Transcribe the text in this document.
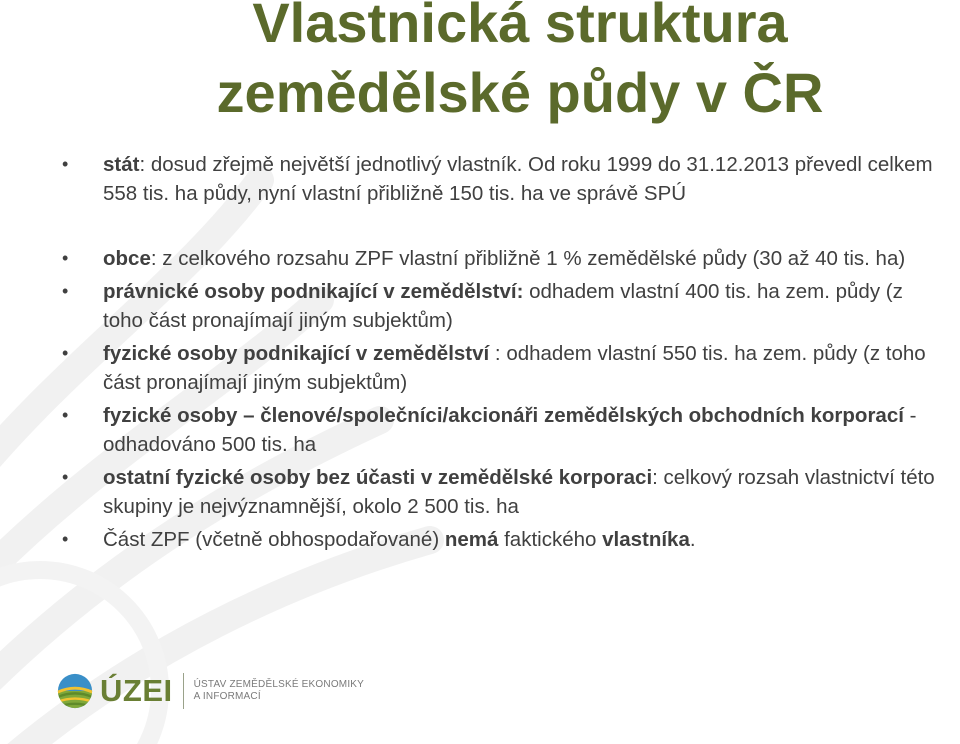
Vlastnická struktura
zemědělské půdy v ČR
• stát: dosud zřejmě největší jednotlivý vlastník. Od roku 1999 do 31.12.2013 převedl celkem 558 tis. ha půdy, nyní vlastní přibližně 150 tis. ha ve správě SPÚ
• obce: z celkového rozsahu ZPF vlastní přibližně 1 % zemědělské půdy (30 až 40 tis. ha)
• právnické osoby podnikající v zemědělství: odhadem vlastní 400 tis. ha zem. půdy (z toho část pronajímají jiným subjektům)
• fyzické osoby podnikající v zemědělství : odhadem vlastní 550 tis. ha zem. půdy (z toho část pronajímají jiným subjektům)
• fyzické osoby – členové/společníci/akcionáři zemědělských obchodních korporací - odhadováno 500 tis. ha
• ostatní fyzické osoby bez účasti v zemědělské korporaci: celkový rozsah vlastnictví této skupiny je nejvýznamnější, okolo 2 500 tis. ha
• Část ZPF (včetně obhospodařované) nemá faktického vlastníka.
ÚZEI ÚSTAV ZEMĚDĚLSKÉ EKONOMIKY
A INFORMACÍ
